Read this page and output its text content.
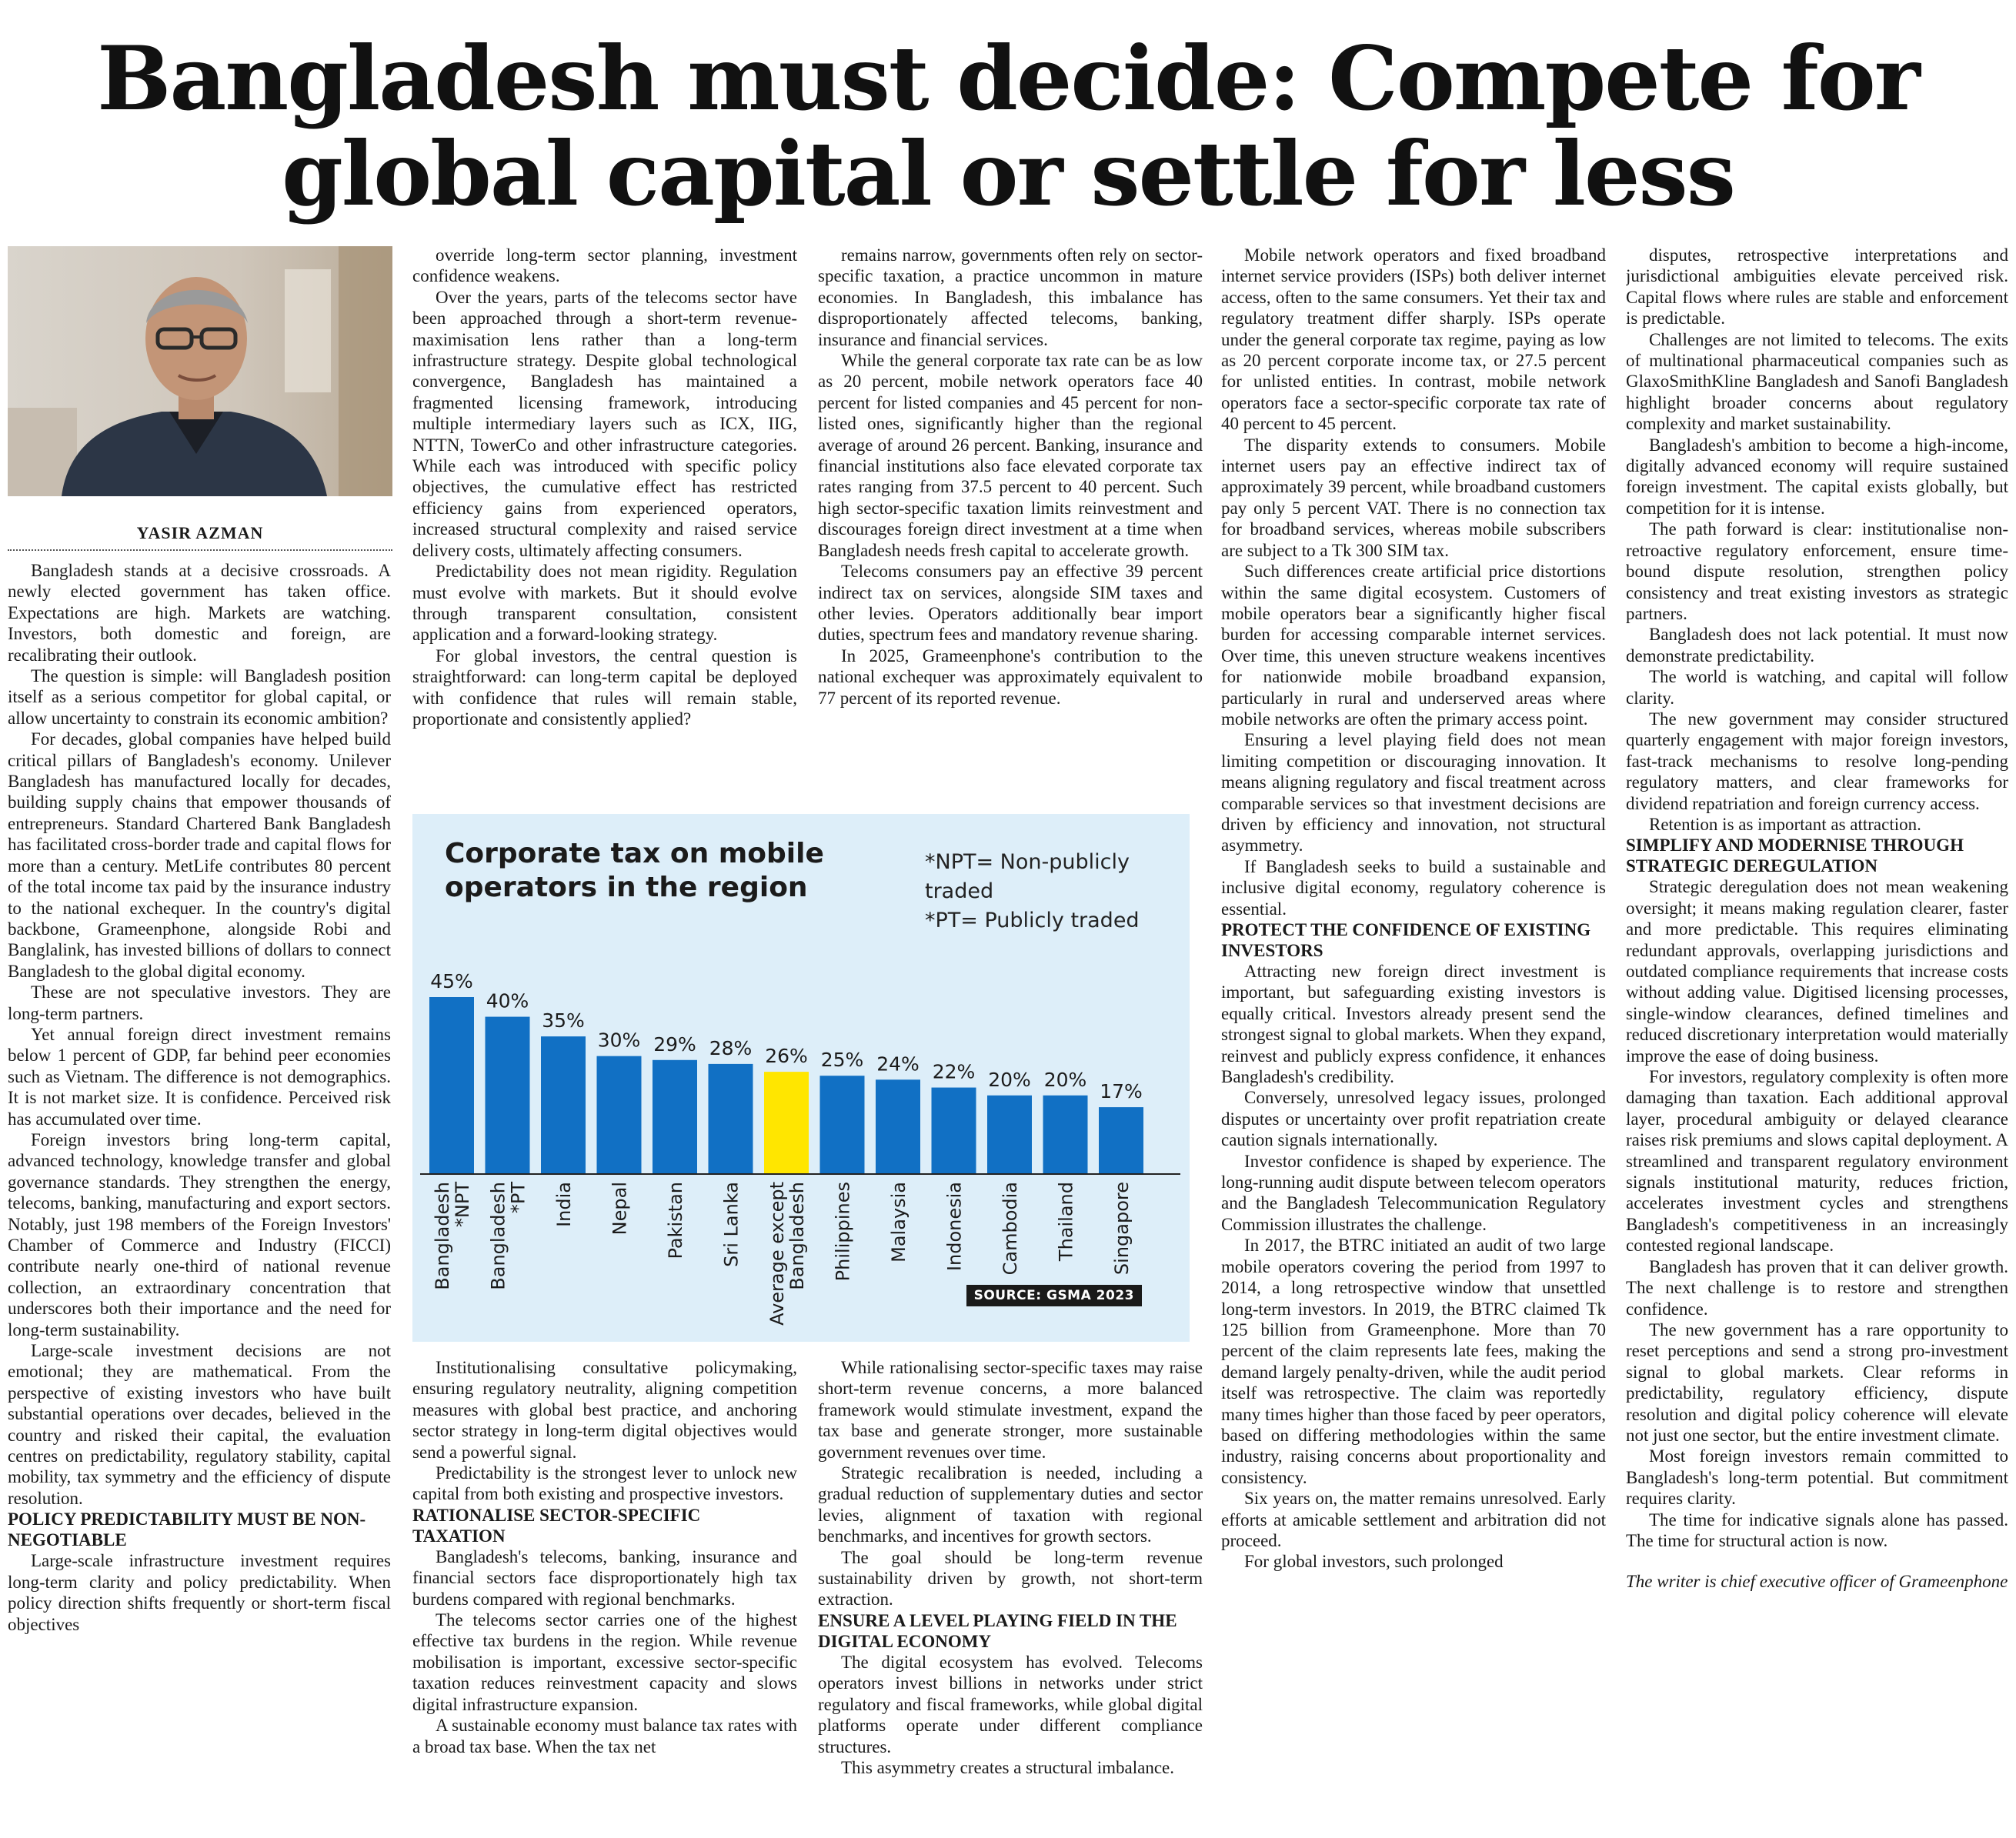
Bangladesh must decide: Compete for
global capital or settle for less
YASIR AZMAN

Bangladesh stands at a decisive crossroads. A newly elected government has taken office. Expectations are high. Markets are watching. Investors, both domestic and foreign, are recalibrating their outlook.

The question is simple: will Bangladesh position itself as a serious competitor for global capital, or allow uncertainty to constrain its economic ambition?

For decades, global companies have helped build critical pillars of Bangladesh's economy. Unilever Bangladesh has manufactured locally for decades, building supply chains that empower thousands of entrepreneurs. Standard Chartered Bank Bangladesh has facilitated cross-border trade and capital flows for more than a century. MetLife contributes 80 percent of the total income tax paid by the insurance industry to the national exchequer. In the country's digital backbone, Grameenphone, alongside Robi and Banglalink, has invested billions of dollars to connect Bangladesh to the global digital economy.

These are not speculative investors. They are long-term partners.

Yet annual foreign direct investment remains below 1 percent of GDP, far behind peer economies such as Vietnam. The difference is not demographics. It is not market size. It is confidence. Perceived risk has accumulated over time.

Foreign investors bring long-term capital, advanced technology, knowledge transfer and global governance standards. They strengthen the energy, telecoms, banking, manufacturing and export sectors. Notably, just 198 members of the Foreign Investors' Chamber of Commerce and Industry (FICCI) contribute nearly one-third of national revenue collection, an extraordinary concentration that underscores both their importance and the need for long-term sustainability.

Large-scale investment decisions are not emotional; they are mathematical. From the perspective of existing investors who have built substantial operations over decades, believed in the country and risked their capital, the evaluation centres on predictability, regulatory stability, capital mobility, tax symmetry and the efficiency of dispute resolution.

POLICY PREDICTABILITY MUST BE NON-NEGOTIABLE

Large-scale infrastructure investment requires long-term clarity and policy predictability. When policy direction shifts frequently or short-term fiscal objectives

override long-term sector planning, investment confidence weakens.

Over the years, parts of the telecoms sector have been approached through a short-term revenue-maximisation lens rather than a long-term infrastructure strategy. Despite global technological convergence, Bangladesh has maintained a fragmented licensing framework, introducing multiple intermediary layers such as ICX, IIG, NTTN, TowerCo and other infrastructure categories. While each was introduced with specific policy objectives, the cumulative effect has restricted efficiency gains from experienced operators, increased structural complexity and raised service delivery costs, ultimately affecting consumers.

Predictability does not mean rigidity. Regulation must evolve with markets. But it should evolve through transparent consultation, consistent application and a forward-looking strategy.

For global investors, the central question is straightforward: can long-term capital be deployed with confidence that rules will remain stable, proportionate and consistently applied?

remains narrow, governments often rely on sector-specific taxation, a practice uncommon in mature economies. In Bangladesh, this imbalance has disproportionately affected telecoms, banking, insurance and financial services.

While the general corporate tax rate can be as low as 20 percent, mobile network operators face 40 percent for listed companies and 45 percent for non-listed ones, significantly higher than the regional average of around 26 percent. Banking, insurance and financial institutions also face elevated corporate tax rates ranging from 37.5 percent to 40 percent. Such high sector-specific taxation limits reinvestment and discourages foreign direct investment at a time when Bangladesh needs fresh capital to accelerate growth.

Telecoms consumers pay an effective 39 percent indirect tax on services, alongside SIM taxes and other levies. Operators additionally bear import duties, spectrum fees and mandatory revenue sharing.

In 2025, Grameenphone's contribution to the national exchequer was approximately equivalent to 77 percent of its reported revenue.

Institutionalising consultative policymaking, ensuring regulatory neutrality, aligning competition measures with global best practice, and anchoring sector strategy in long-term digital objectives would send a powerful signal.

Predictability is the strongest lever to unlock new capital from both existing and prospective investors.

RATIONALISE SECTOR-SPECIFIC TAXATION

Bangladesh's telecoms, banking, insurance and financial sectors face disproportionately high tax burdens compared with regional benchmarks.

The telecoms sector carries one of the highest effective tax burdens in the region. While revenue mobilisation is important, excessive sector-specific taxation reduces reinvestment capacity and slows digital infrastructure expansion.

A sustainable economy must balance tax rates with a broad tax base. When the tax net

While rationalising sector-specific taxes may raise short-term revenue concerns, a more balanced framework would stimulate investment, expand the tax base and generate stronger, more sustainable government revenues over time.

Strategic recalibration is needed, including a gradual reduction of supplementary duties and sector levies, alignment of taxation with regional benchmarks, and incentives for growth sectors.

The goal should be long-term revenue sustainability driven by growth, not short-term extraction.

ENSURE A LEVEL PLAYING FIELD IN THE DIGITAL ECONOMY

The digital ecosystem has evolved. Telecoms operators invest billions in networks under strict regulatory and fiscal frameworks, while global digital platforms operate under different compliance structures.

This asymmetry creates a structural imbalance.

Mobile network operators and fixed broadband internet service providers (ISPs) both deliver internet access, often to the same consumers. Yet their tax and regulatory treatment differ sharply. ISPs operate under the general corporate tax regime, paying as low as 20 percent corporate income tax, or 27.5 percent for unlisted entities. In contrast, mobile network operators face a sector-specific corporate tax rate of 40 percent to 45 percent.

The disparity extends to consumers. Mobile internet users pay an effective indirect tax of approximately 39 percent, while broadband customers pay only 5 percent VAT. There is no connection tax for broadband services, whereas mobile subscribers are subject to a Tk 300 SIM tax.

Such differences create artificial price distortions within the same digital ecosystem. Customers of mobile operators bear a significantly higher fiscal burden for accessing comparable internet services. Over time, this uneven structure weakens incentives for nationwide mobile broadband expansion, particularly in rural and underserved areas where mobile networks are often the primary access point.

Ensuring a level playing field does not mean limiting competition or discouraging innovation. It means aligning regulatory and fiscal treatment across comparable services so that investment decisions are driven by efficiency and innovation, not structural asymmetry.

If Bangladesh seeks to build a sustainable and inclusive digital economy, regulatory coherence is essential.

PROTECT THE CONFIDENCE OF EXISTING INVESTORS

Attracting new foreign direct investment is important, but safeguarding existing investors is equally critical. Investors already present send the strongest signal to global markets. When they expand, reinvest and publicly express confidence, it enhances Bangladesh's credibility.

Conversely, unresolved legacy issues, prolonged disputes or uncertainty over profit repatriation create caution signals internationally.

Investor confidence is shaped by experience. The long-running audit dispute between telecom operators and the Bangladesh Telecommunication Regulatory Commission illustrates the challenge.

In 2017, the BTRC initiated an audit of two large mobile operators covering the period from 1997 to 2014, a long retrospective window that unsettled long-term investors. In 2019, the BTRC claimed Tk 125 billion from Grameenphone. More than 70 percent of the claim represents late fees, making the demand largely penalty-driven, while the audit period itself was retrospective. The claim was reportedly many times higher than those faced by peer operators, based on differing methodologies within the same industry, raising concerns about proportionality and consistency.

Six years on, the matter remains unresolved. Early efforts at amicable settlement and arbitration did not proceed.

For global investors, such prolonged

disputes, retrospective interpretations and jurisdictional ambiguities elevate perceived risk. Capital flows where rules are stable and enforcement is predictable.

Challenges are not limited to telecoms. The exits of multinational pharmaceutical companies such as GlaxoSmithKline Bangladesh and Sanofi Bangladesh highlight broader concerns about regulatory complexity and market sustainability.

Bangladesh's ambition to become a high-income, digitally advanced economy will require sustained foreign investment. The capital exists globally, but competition for it is intense.

The path forward is clear: institutionalise non-retroactive regulatory enforcement, ensure time-bound dispute resolution, strengthen policy consistency and treat existing investors as strategic partners.

Bangladesh does not lack potential. It must now demonstrate predictability.

The world is watching, and capital will follow clarity.

The new government may consider structured quarterly engagement with major foreign investors, fast-track mechanisms to resolve long-pending regulatory matters, and clear frameworks for dividend repatriation and foreign currency access.

Retention is as important as attraction.

SIMPLIFY AND MODERNISE THROUGH STRATEGIC DEREGULATION

Strategic deregulation does not mean weakening oversight; it means making regulation clearer, faster and more predictable. This requires eliminating redundant approvals, overlapping jurisdictions and outdated compliance requirements that increase costs without adding value. Digitised licensing processes, single-window clearances, defined timelines and reduced discretionary interpretation would materially improve the ease of doing business.

For investors, regulatory complexity is often more damaging than taxation. Each additional approval layer, procedural ambiguity or delayed clearance raises risk premiums and slows capital deployment. A streamlined and transparent regulatory environment signals institutional maturity, reduces friction, accelerates investment cycles and strengthens Bangladesh's competitiveness in an increasingly contested regional landscape.

Bangladesh has proven that it can deliver growth. The next challenge is to restore and strengthen confidence.

The new government has a rare opportunity to reset perceptions and send a strong pro-investment signal to global markets. Clear reforms in predictability, regulatory efficiency, dispute resolution and digital policy coherence will elevate not just one sector, but the entire investment climate.

Most foreign investors remain committed to Bangladesh's long-term potential. But commitment requires clarity.

The time for indicative signals alone has passed. The time for structural action is now.

The writer is chief executive officer of Grameenphone

Corporate tax on mobile
operators in the region
*NPT= Non-publicly traded
*PT= Publicly traded
45%
Bangladesh
*NPT
40%
Bangladesh
*PT
35%
India
30%
Nepal
29%
Pakistan
28%
Sri Lanka
26%
Average except
Bangladesh
25%
Philippines
24%
Malaysia
22%
Indonesia
20%
Cambodia
20%
Thailand
17%
Singapore
SOURCE: GSMA 2023
